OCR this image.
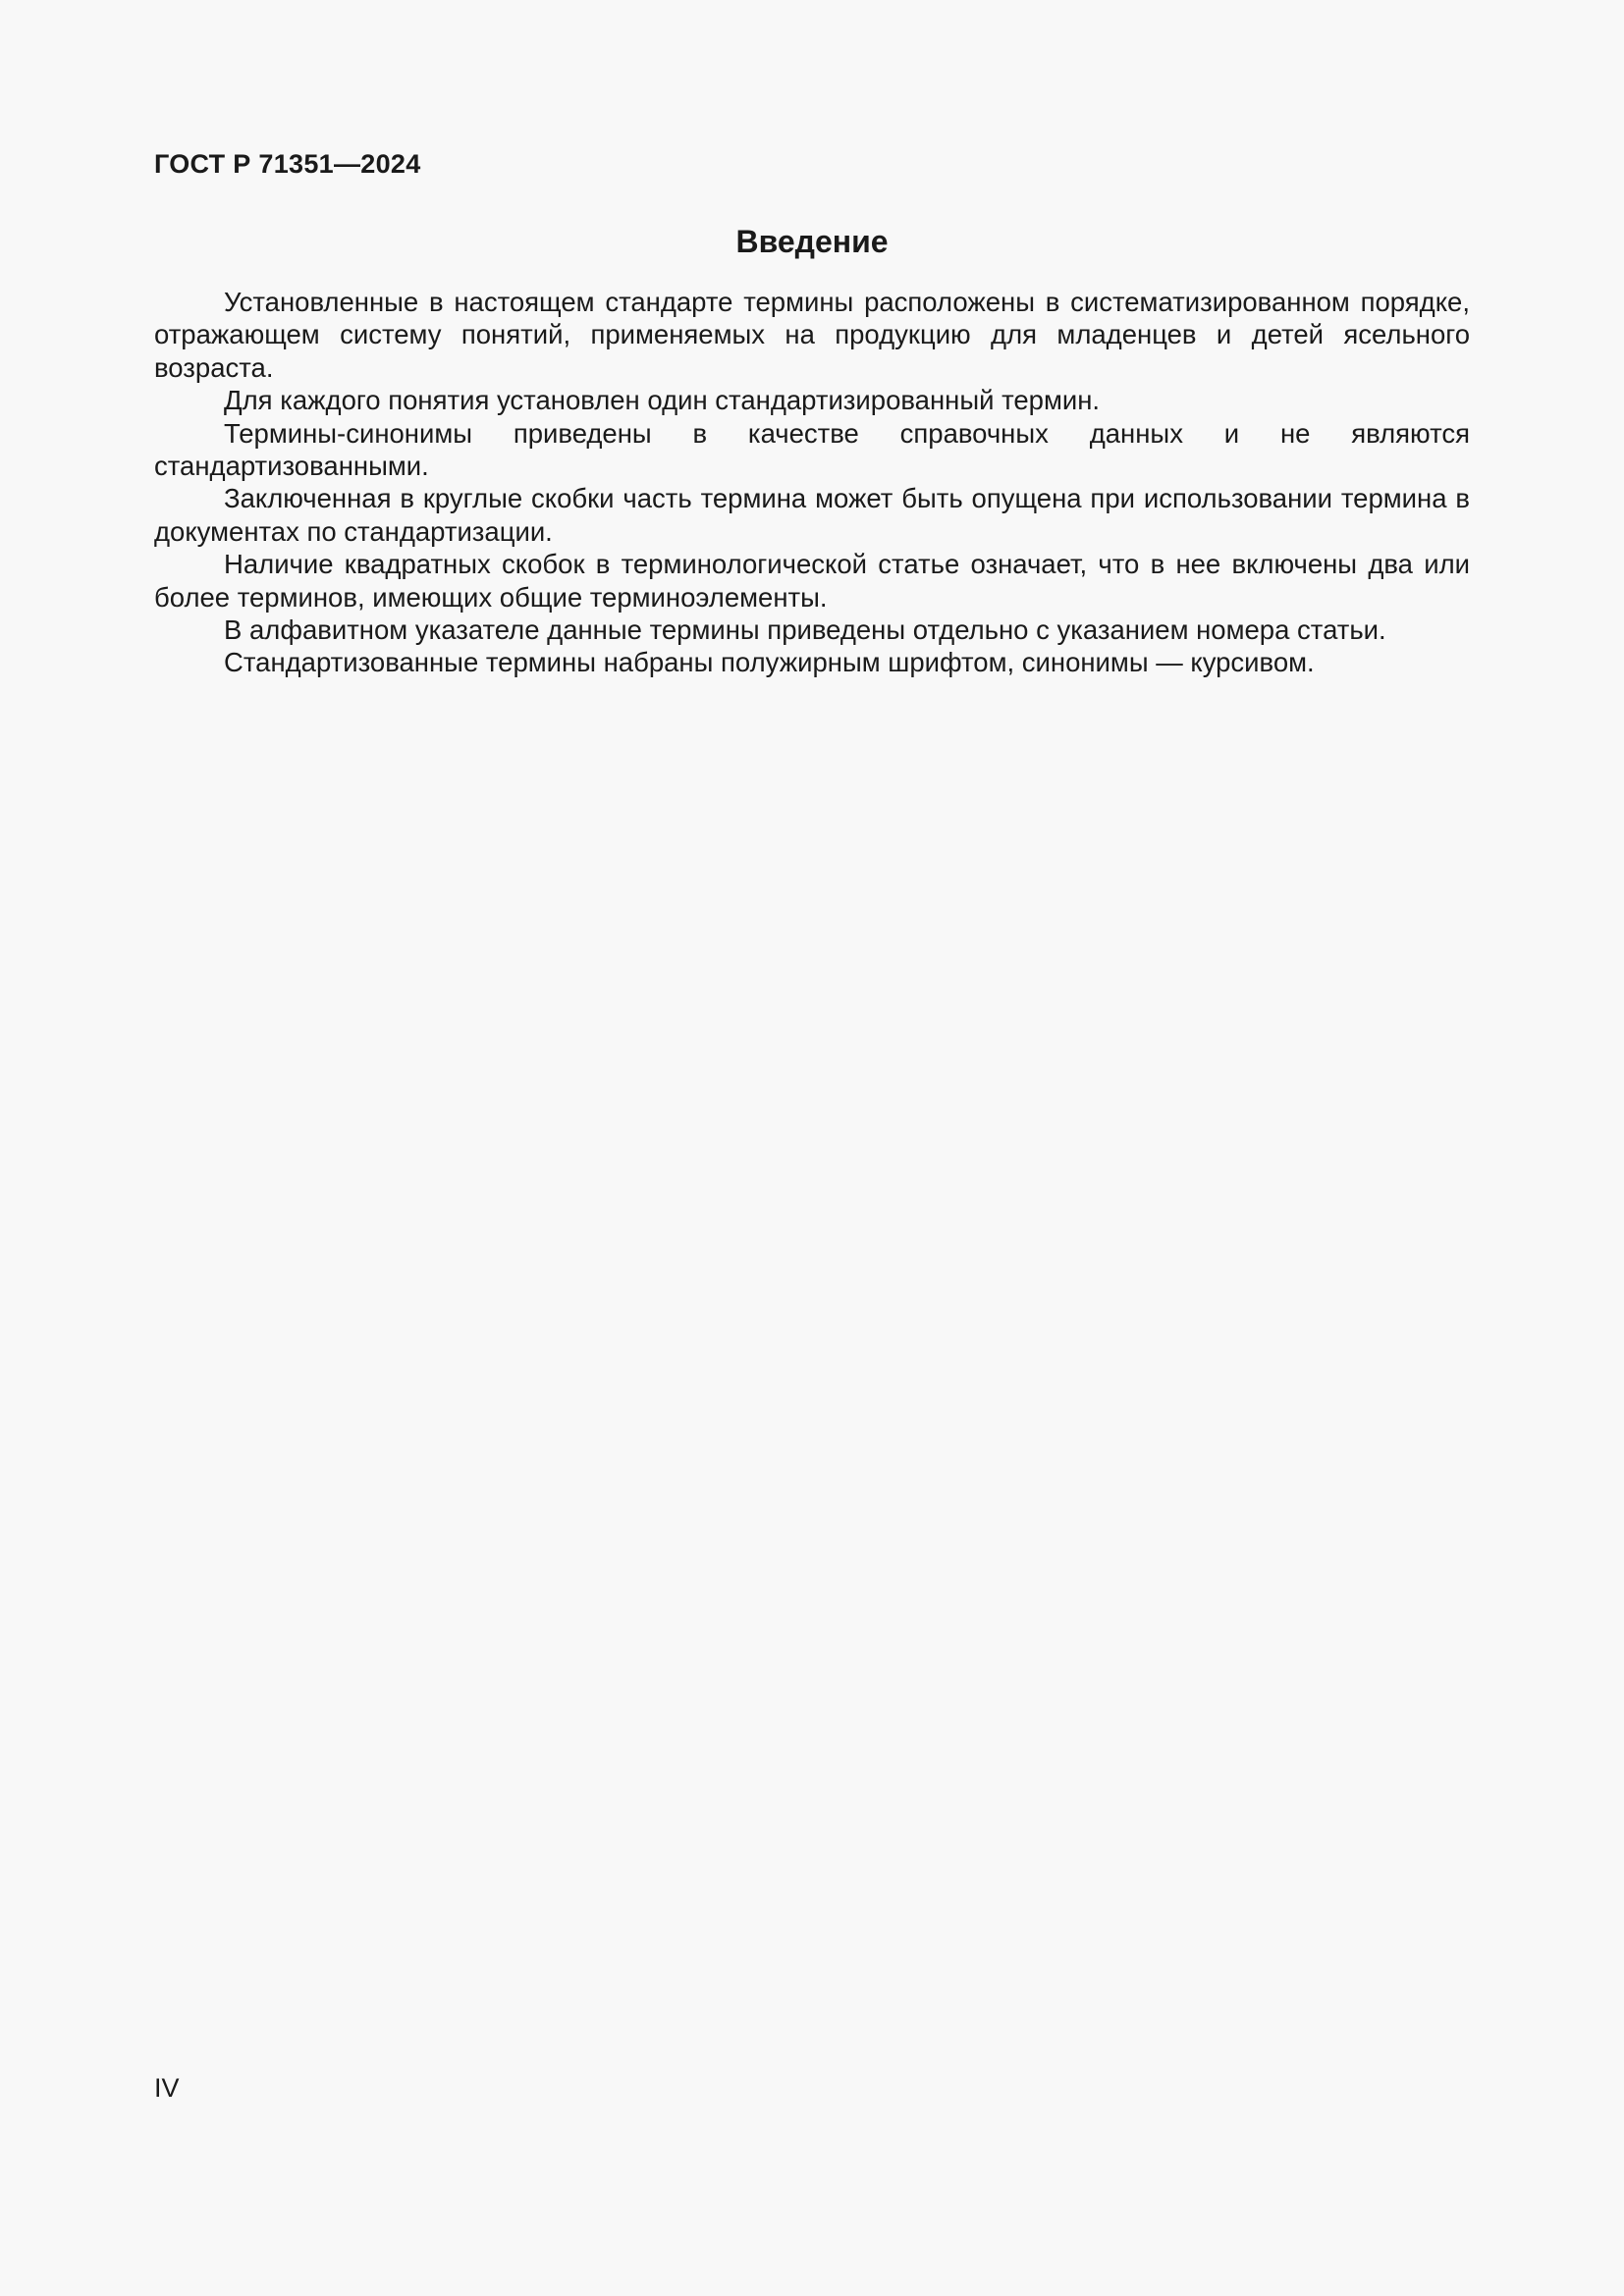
ГОСТ Р 71351—2024
Введение

Установленные в настоящем стандарте термины расположены в систематизированном порядке, отражающем систему понятий, применяемых на продукцию для младенцев и детей ясельного возраста.

Для каждого понятия установлен один стандартизированный термин.

Термины-синонимы приведены в качестве справочных данных и не являются стандартизованными.

Заключенная в круглые скобки часть термина может быть опущена при использовании термина в документах по стандартизации.

Наличие квадратных скобок в терминологической статье означает, что в нее включены два или более терминов, имеющих общие терминоэлементы.

В алфавитном указателе данные термины приведены отдельно с указанием номера статьи.

Стандартизованные термины набраны полужирным шрифтом, синонимы — курсивом.

IV
